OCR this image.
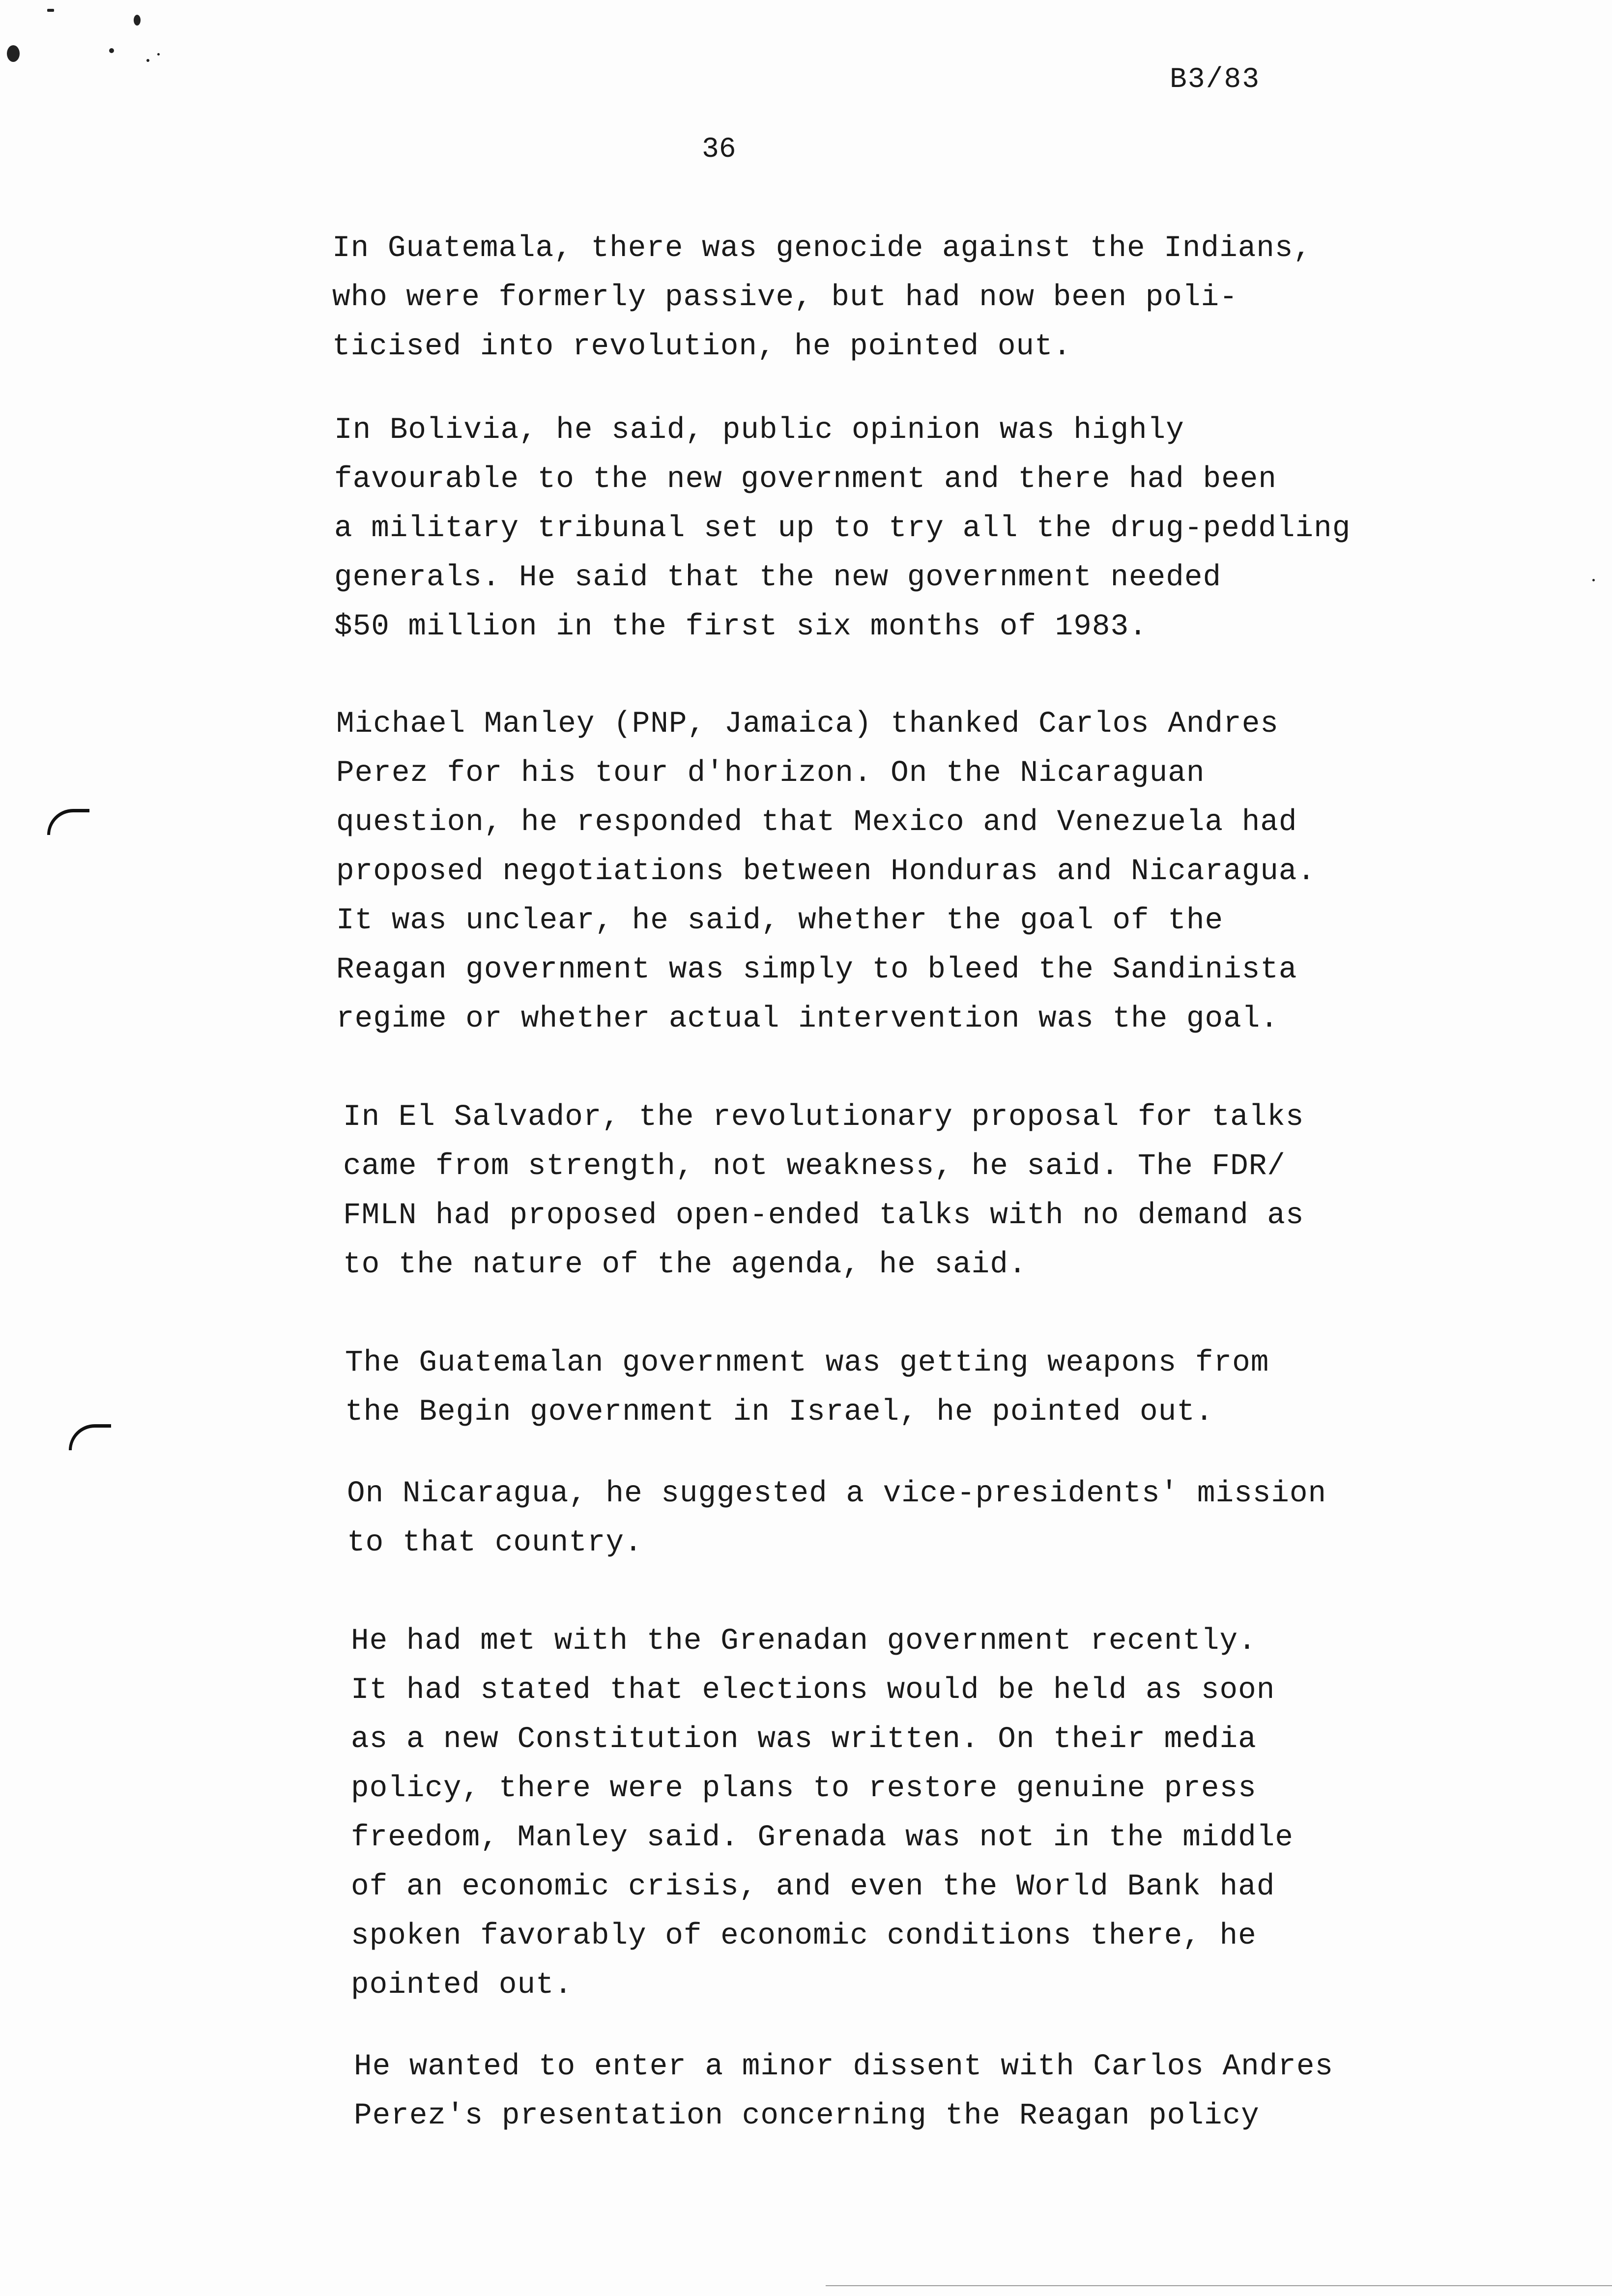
B3/83
36

In Guatemala, there was genocide against the Indians,
who were formerly passive, but had now been poli-
ticised into revolution, he pointed out.

In Bolivia, he said, public opinion was highly
favourable to the new government and there had been
a military tribunal set up to try all the drug-peddling
generals. He said that the new government needed
$50 million in the first six months of 1983.

Michael Manley (PNP, Jamaica) thanked Carlos Andres
Perez for his tour d'horizon. On the Nicaraguan
question, he responded that Mexico and Venezuela had
proposed negotiations between Honduras and Nicaragua.
It was unclear, he said, whether the goal of the
Reagan government was simply to bleed the Sandinista
regime or whether actual intervention was the goal.

In El Salvador, the revolutionary proposal for talks
came from strength, not weakness, he said. The FDR/
FMLN had proposed open-ended talks with no demand as
to the nature of the agenda, he said.

The Guatemalan government was getting weapons from
the Begin government in Israel, he pointed out.

On Nicaragua, he suggested a vice-presidents' mission
to that country.

He had met with the Grenadan government recently.
It had stated that elections would be held as soon
as a new Constitution was written. On their media
policy, there were plans to restore genuine press
freedom, Manley said. Grenada was not in the middle
of an economic crisis, and even the World Bank had
spoken favorably of economic conditions there, he
pointed out.

He wanted to enter a minor dissent with Carlos Andres
Perez's presentation concerning the Reagan policy
